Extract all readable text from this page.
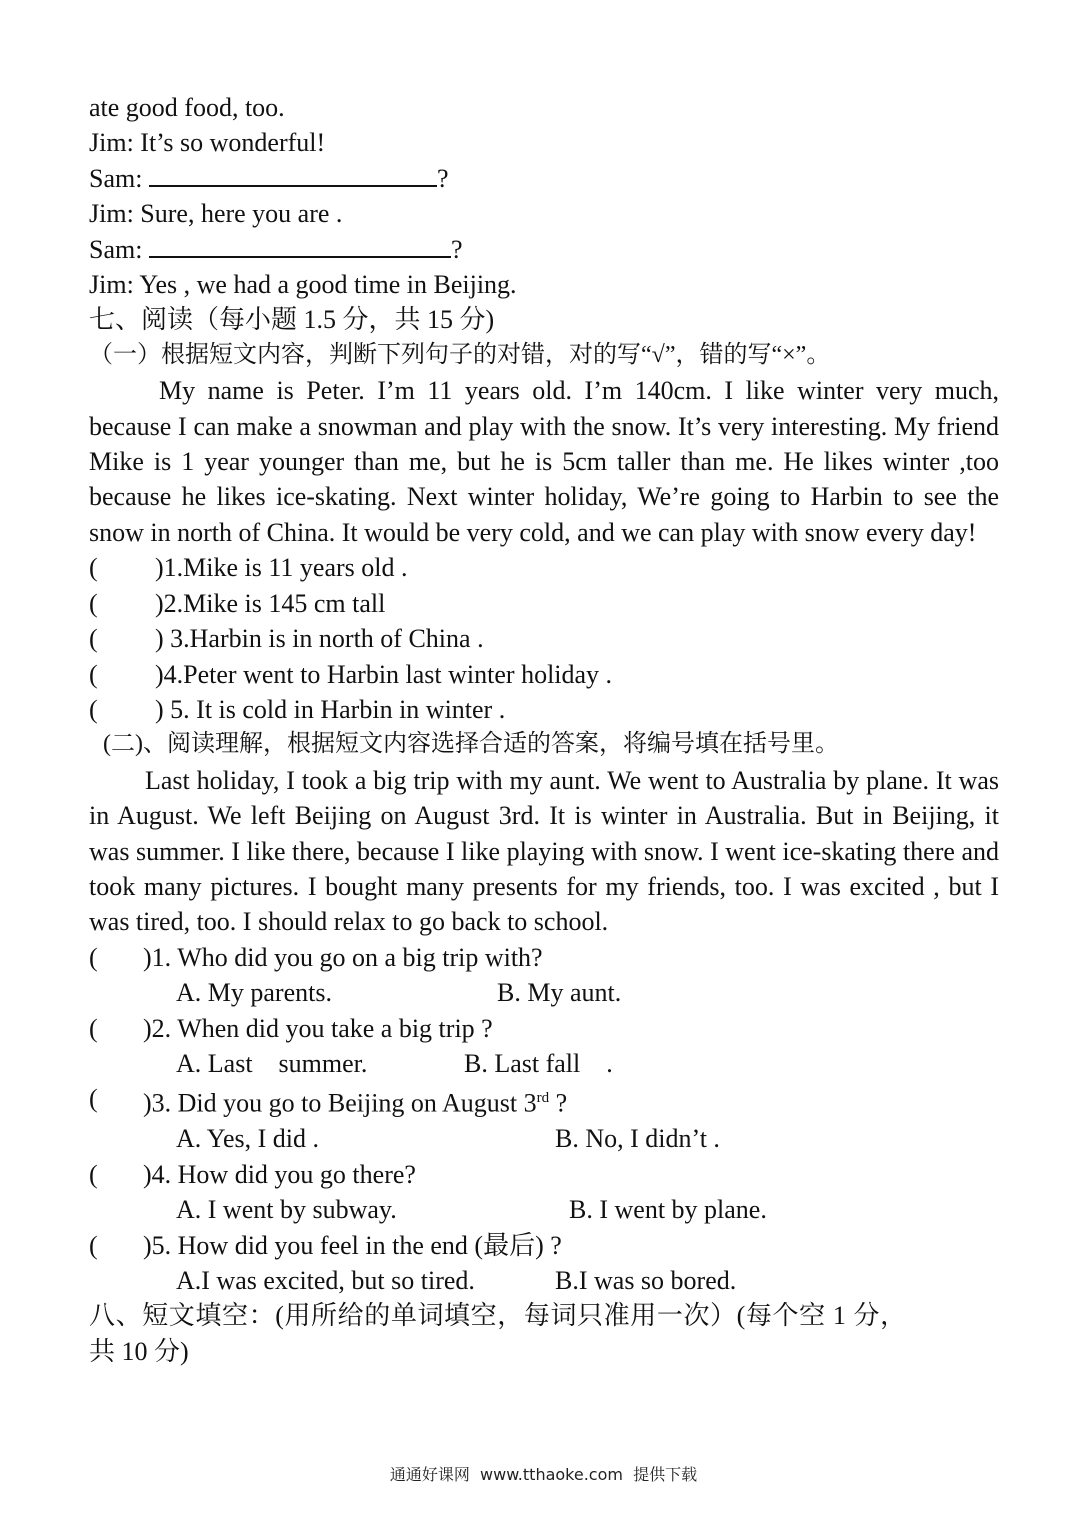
ate good food, too.
Jim: It’s so wonderful!
Sam:	?
Jim: Sure, here you are .
Sam:	?
Jim: Yes , we had a good time in Beijing.
七、阅读（每小题 1.5 分，共 15 分)
（一）根据短文内容，判断下列句子的对错，对的写“√”，错的写“×”。
My name is Peter. I’m 11 years old. I’m 140cm. I like winter very much, because I can make a snowman and play with the snow. It’s very interesting. My friend Mike is 1 year younger than me, but he is 5cm taller than me. He likes winter ,too because he likes ice-skating. Next winter holiday, We’re going to Harbin to see the snow in north of China. It would be very cold, and we can play with snow every day!
(	)1.Mike is 11 years old .
(	)2.Mike is 145 cm tall
(	) 3.Harbin is in north of China .
(	)4.Peter went to Harbin last winter holiday .
(	) 5. It is cold in Harbin in winter .
(二)、阅读理解，根据短文内容选择合适的答案，将编号填在括号里。
Last holiday, I took a big trip with my aunt. We went to Australia by plane. It was in August. We left Beijing on August 3rd. It is winter in Australia. But in Beijing, it was summer. I like there, because I like playing with snow. I went ice-skating there and took many pictures. I bought many presents for my friends, too. I was excited , but I was tired, too. I should relax to go back to school.
(	)1. Who did you go on a big trip with?
A. My parents.	B. My aunt.
(	)2. When did you take a big trip ?
A. Last    summer.	B. Last fall    .
(	)3. Did you go to Beijing on August 3rd ?
A. Yes, I did .	B. No, I didn’t .
(	)4. How did you go there?
A. I went by subway.	B. I went by plane.
(	)5. How did you feel in the end (最后) ?
A.I was excited, but so tired.	B.I was so bored.
八、短文填空：(用所给的单词填空，每词只准用一次）(每个空 1 分，
共 10 分)
通通好课网  www.tthaoke.com  提供下载
